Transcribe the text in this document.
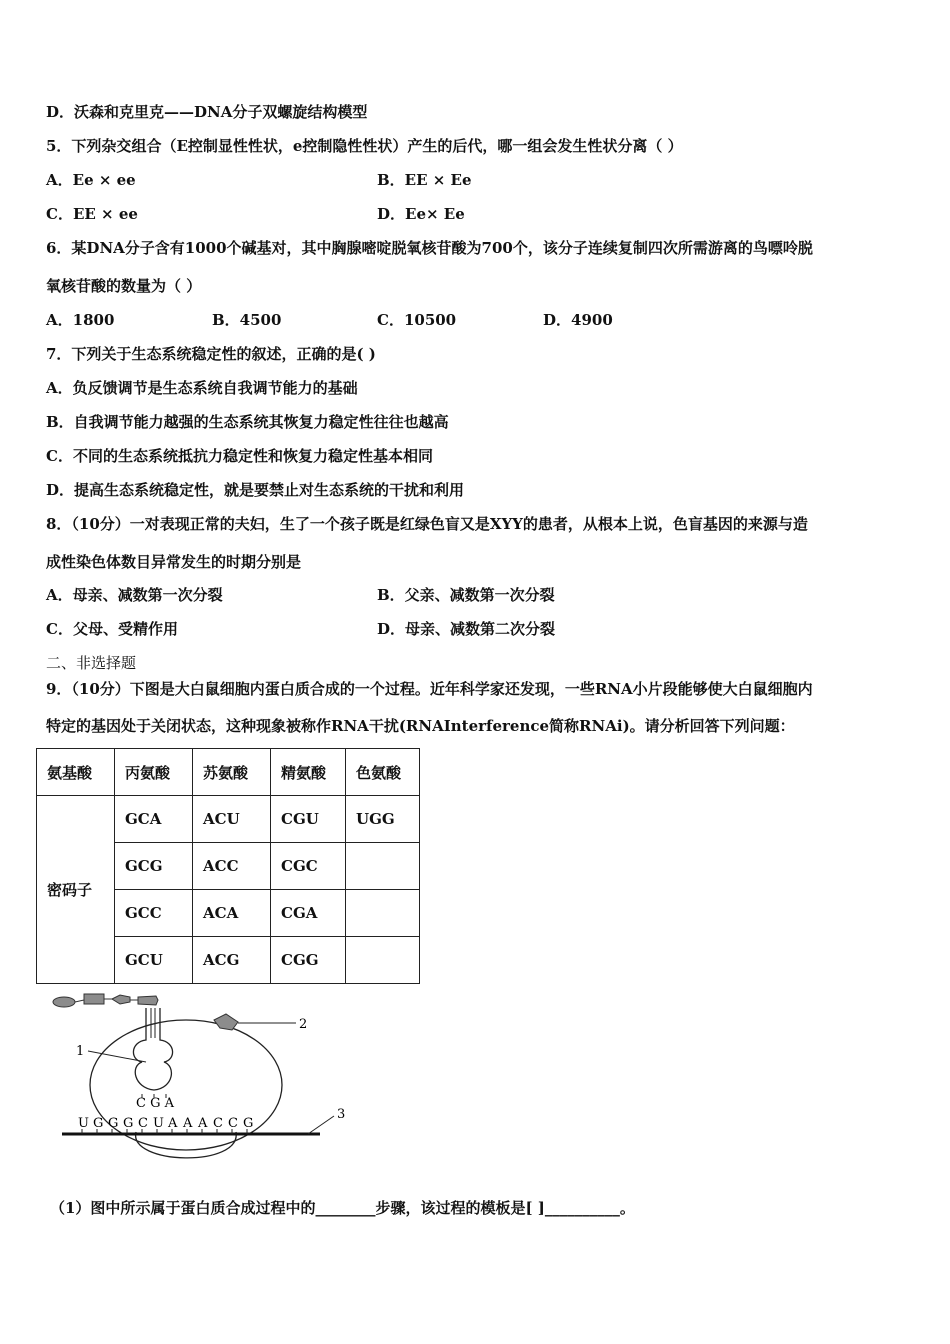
D．沃森和克里克——DNA分子双螺旋结构模型
5．下列杂交组合（E控制显性性状，e控制隐性性状）产生的后代，哪一组会发生性状分离（ ）
A．Ee × ee	B．EE × Ee
C．EE × ee	D．Ee× Ee
6．某DNA分子含有1000个碱基对，其中胸腺嘧啶脱氧核苷酸为700个，该分子连续复制四次所需游离的鸟嘌呤脱
氧核苷酸的数量为（ ）
A．1800	B．4500	C．10500	D．4900
7．下列关于生态系统稳定性的叙述，正确的是( )
A．负反馈调节是生态系统自我调节能力的基础
B．自我调节能力越强的生态系统其恢复力稳定性往往也越高
C．不同的生态系统抵抗力稳定性和恢复力稳定性基本相同
D．提高生态系统稳定性，就是要禁止对生态系统的干扰和利用
8．（10分）一对表现正常的夫妇，生了一个孩子既是红绿色盲又是XYY的患者，从根本上说，色盲基因的来源与造
成性染色体数目异常发生的时期分别是
A．母亲、减数第一次分裂	B．父亲、减数第一次分裂
C．父母、受精作用	D．母亲、减数第二次分裂
二、非选择题
9．（10分）下图是大白鼠细胞内蛋白质合成的一个过程。近年科学家还发现，一些RNA小片段能够使大白鼠细胞内
特定的基因处于关闭状态，这种现象被称作RNA干扰(RNAInterference简称RNAi)。请分析回答下列问题：
氨基酸	丙氨酸	苏氨酸	精氨酸	色氨酸
密码子	GCA	ACU	CGU	UGG
	GCG	ACC	CGC	
	GCC	ACA	CGA	
	GCU	ACG	CGG	
3
U G G G C U A A A C C G
C G A
1
2
（1）图中所示属于蛋白质合成过程中的________步骤，该过程的模板是[ ]__________。
